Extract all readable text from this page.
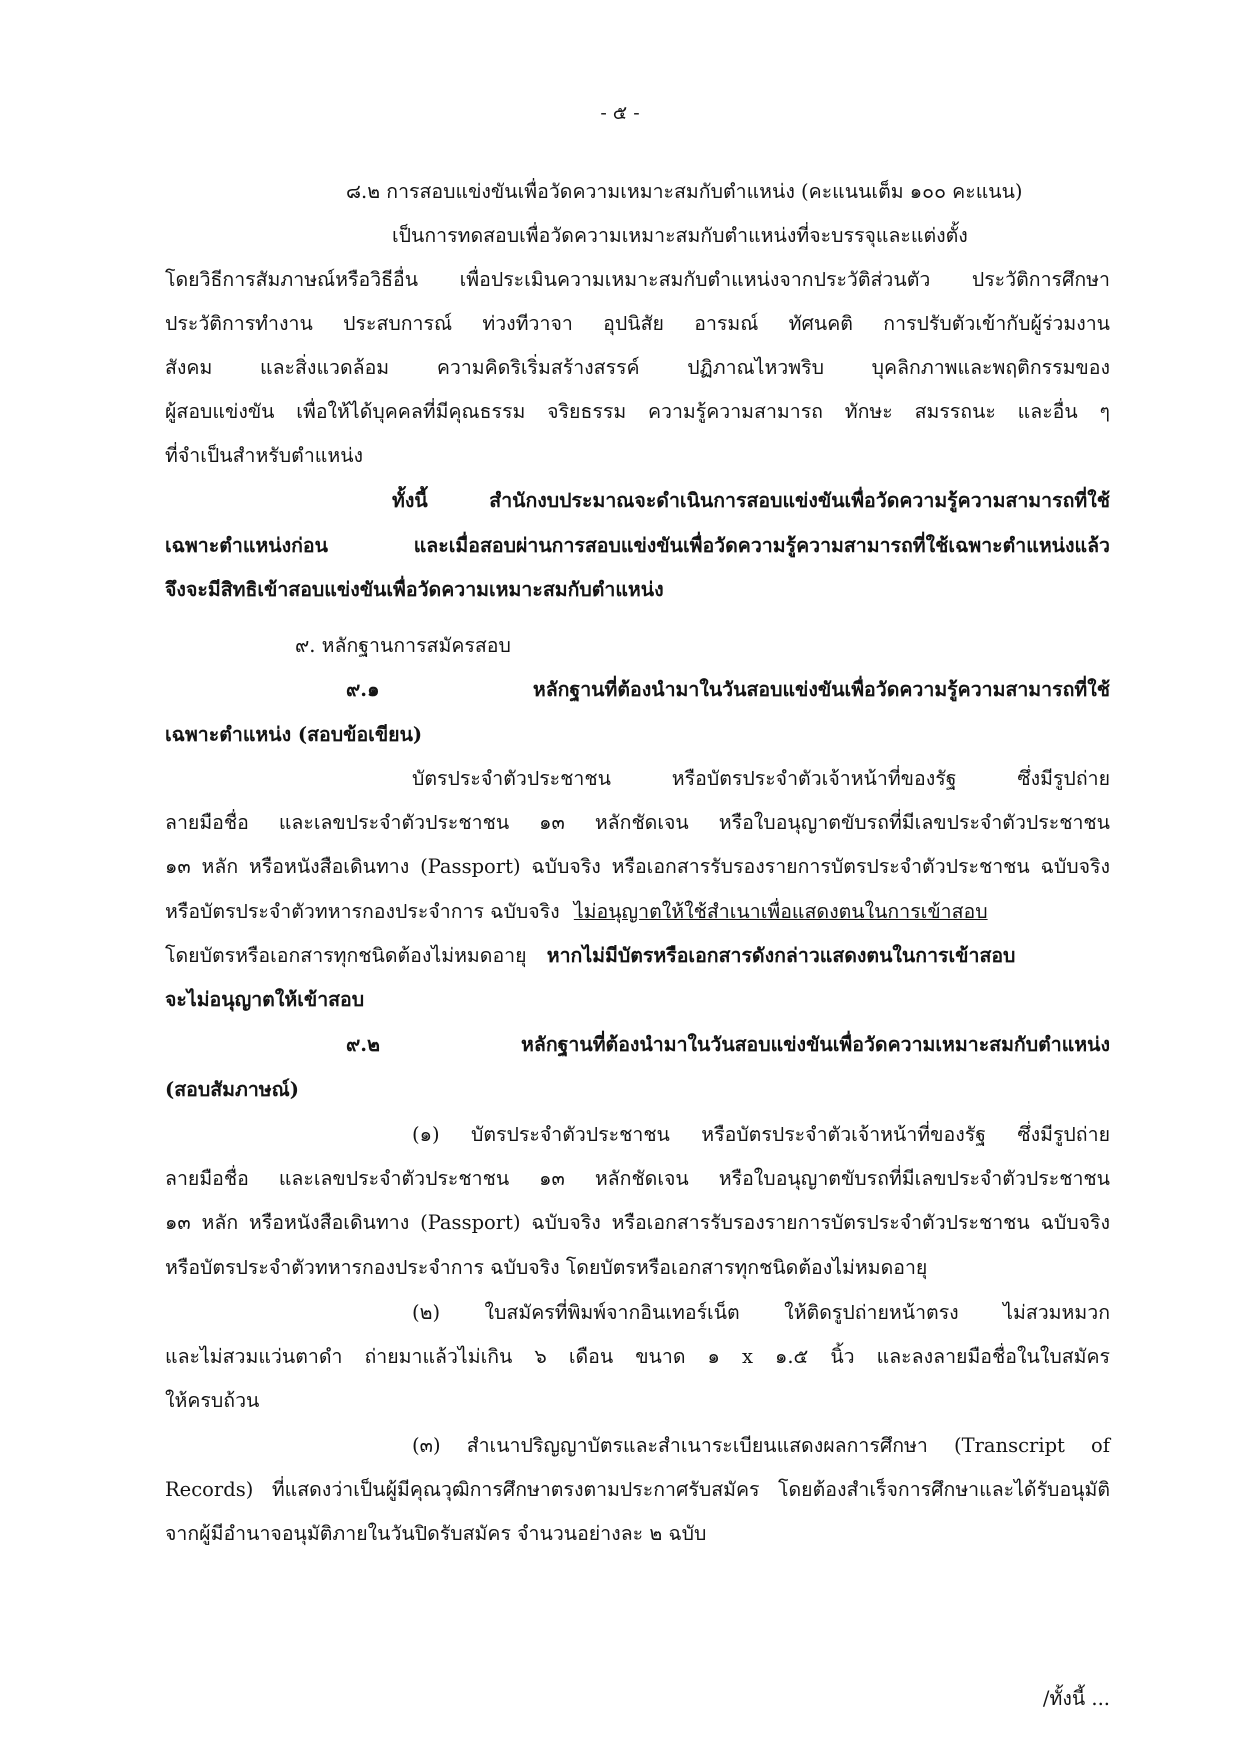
- ๕ -
๘.๒ การสอบแข่งขันเพื่อวัดความเหมาะสมกับตำแหน่ง (คะแนนเต็ม ๑๐๐ คะแนน)
เป็นการทดสอบเพื่อวัดความเหมาะสมกับตำแหน่งที่จะบรรจุและแต่งตั้ง
โดยวิธีการสัมภาษณ์หรือวิธีอื่น เพื่อประเมินความเหมาะสมกับตำแหน่งจากประวัติส่วนตัว ประวัติการศึกษา
ประวัติการทำงาน ประสบการณ์ ท่วงทีวาจา อุปนิสัย อารมณ์ ทัศนคติ การปรับตัวเข้ากับผู้ร่วมงาน
สังคม และสิ่งแวดล้อม ความคิดริเริ่มสร้างสรรค์ ปฏิภาณไหวพริบ บุคลิกภาพและพฤติกรรมของ
ผู้สอบแข่งขัน เพื่อให้ได้บุคคลที่มีคุณธรรม จริยธรรม ความรู้ความสามารถ ทักษะ สมรรถนะ และอื่น ๆ
ที่จำเป็นสำหรับตำแหน่ง
ทั้งนี้ สำนักงบประมาณจะดำเนินการสอบแข่งขันเพื่อวัดความรู้ความสามารถที่ใช้
เฉพาะตำแหน่งก่อน และเมื่อสอบผ่านการสอบแข่งขันเพื่อวัดความรู้ความสามารถที่ใช้เฉพาะตำแหน่งแล้ว
จึงจะมีสิทธิเข้าสอบแข่งขันเพื่อวัดความเหมาะสมกับตำแหน่ง
๙. หลักฐานการสมัครสอบ
๙.๑ หลักฐานที่ต้องนำมาในวันสอบแข่งขันเพื่อวัดความรู้ความสามารถที่ใช้
เฉพาะตำแหน่ง (สอบข้อเขียน)
บัตรประจำตัวประชาชน หรือบัตรประจำตัวเจ้าหน้าที่ของรัฐ ซึ่งมีรูปถ่าย
ลายมือชื่อ และเลขประจำตัวประชาชน ๑๓ หลักชัดเจน หรือใบอนุญาตขับรถที่มีเลขประจำตัวประชาชน
๑๓ หลัก หรือหนังสือเดินทาง (Passport) ฉบับจริง หรือเอกสารรับรองรายการบัตรประจำตัวประชาชน ฉบับจริง
หรือบัตรประจำตัวทหารกองประจำการ ฉบับจริง ไม่อนุญาตให้ใช้สำเนาเพื่อแสดงตนในการเข้าสอบ
โดยบัตรหรือเอกสารทุกชนิดต้องไม่หมดอายุ หากไม่มีบัตรหรือเอกสารดังกล่าวแสดงตนในการเข้าสอบ
จะไม่อนุญาตให้เข้าสอบ
๙.๒ หลักฐานที่ต้องนำมาในวันสอบแข่งขันเพื่อวัดความเหมาะสมกับตำแหน่ง
(สอบสัมภาษณ์)
(๑) บัตรประจำตัวประชาชน หรือบัตรประจำตัวเจ้าหน้าที่ของรัฐ ซึ่งมีรูปถ่าย
ลายมือชื่อ และเลขประจำตัวประชาชน ๑๓ หลักชัดเจน หรือใบอนุญาตขับรถที่มีเลขประจำตัวประชาชน
๑๓ หลัก หรือหนังสือเดินทาง (Passport) ฉบับจริง หรือเอกสารรับรองรายการบัตรประจำตัวประชาชน ฉบับจริง
หรือบัตรประจำตัวทหารกองประจำการ ฉบับจริง โดยบัตรหรือเอกสารทุกชนิดต้องไม่หมดอายุ
(๒) ใบสมัครที่พิมพ์จากอินเทอร์เน็ต ให้ติดรูปถ่ายหน้าตรง ไม่สวมหมวก
และไม่สวมแว่นตาดำ ถ่ายมาแล้วไม่เกิน ๖ เดือน ขนาด ๑ x ๑.๕ นิ้ว และลงลายมือชื่อในใบสมัคร
ให้ครบถ้วน
(๓) สำเนาปริญญาบัตรและสำเนาระเบียนแสดงผลการศึกษา (Transcript of
Records) ที่แสดงว่าเป็นผู้มีคุณวุฒิการศึกษาตรงตามประกาศรับสมัคร โดยต้องสำเร็จการศึกษาและได้รับอนุมัติ
จากผู้มีอำนาจอนุมัติภายในวันปิดรับสมัคร จำนวนอย่างละ ๒ ฉบับ
/ทั้งนี้ ...
